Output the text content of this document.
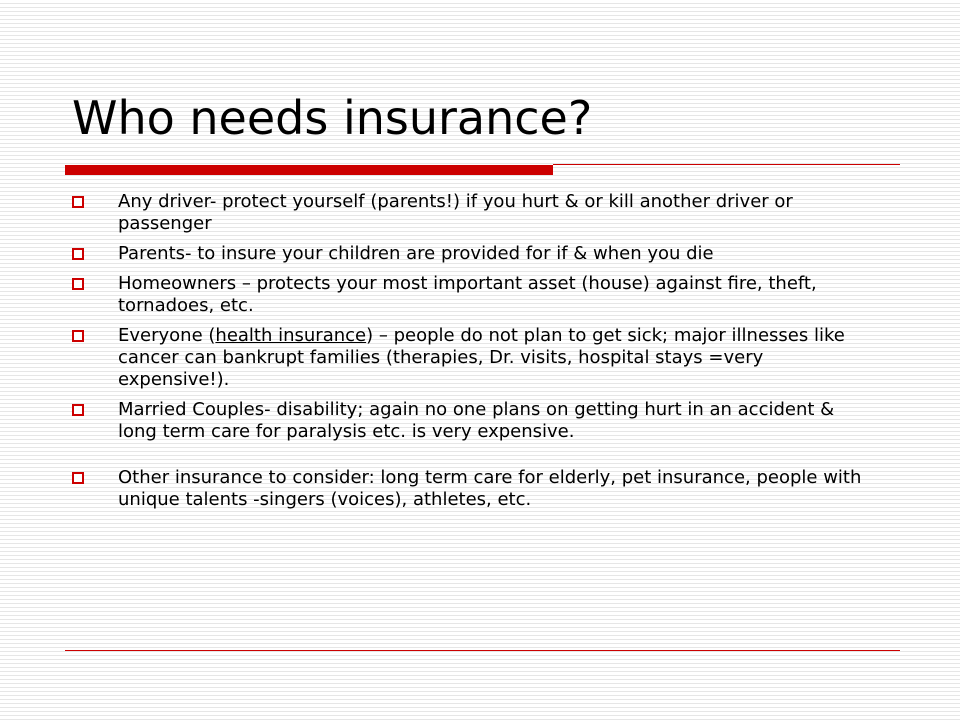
Who needs insurance?
Any driver- protect yourself (parents!) if you hurt & or kill another driver or passenger
Parents- to insure your children are provided for if & when you die
Homeowners – protects your most important asset (house) against fire, theft, tornadoes, etc.
Everyone (health insurance) – people do not plan to get sick; major illnesses like cancer can bankrupt families (therapies, Dr. visits, hospital stays =very expensive!).
Married Couples- disability; again no one plans on getting hurt in an accident & long term care for paralysis etc. is very expensive.
Other insurance to consider: long term care for elderly, pet insurance, people with unique talents -singers (voices), athletes, etc.
